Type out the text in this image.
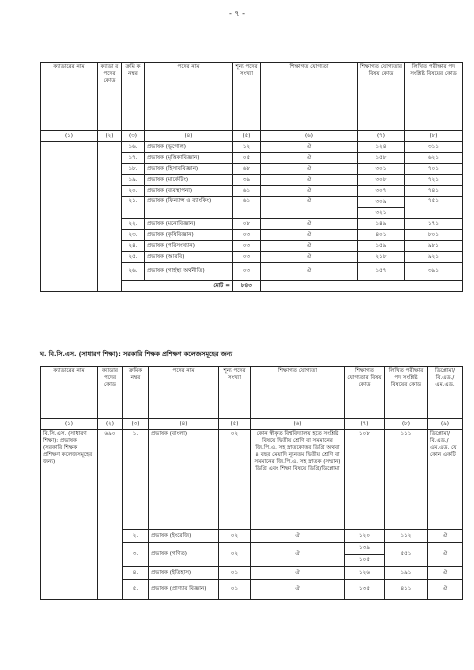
- ৭ -
ক্যাডারের নাম	ক্যাডা র পদের কোড	ক্রমি ক নম্বর	পদের নাম	শূন্য পদের সংখ্যা	শিক্ষাগত যোগ্যতা	শিক্ষাগত যোগ্যতার বিষয় কোড	লিখিত পরীক্ষার পদ সংশ্লিষ্ট বিষয়ের কোড
(১)	(২)	(৩)	(৪)	(৫)	(৬)	(৭)	(৮)
		১৬.	প্রভাষক (ভূগোল)	১২	ঐ	১২৪	৩১১
		১৭.	প্রভাষক (মৃত্তিকাবিজ্ঞান)	০৫	ঐ	১৫৮	৬২১
		১৮.	প্রভাষক (হিসাববিজ্ঞান)	৬৮	ঐ	৩০১	৭০১
		১৯.	প্রভাষক (মার্কেটিং)	৩৯	ঐ	৩০৮	৭২১
		২০.	প্রভাষক (ব্যবস্থাপনা)	৬১	ঐ	৩০৭	৭৪১
		২১.	প্রভাষক (ফিন্যান্স ও ব্যাংকিং)	৬১	ঐ	৩০৯	৭৫১
						৩২১	
		২২.	প্রভাষক (মনোবিজ্ঞান)	০৮	ঐ	১৪৯	১৭১
		২৩.	প্রভাষক (কৃষিবিজ্ঞান)	০৩	ঐ	৪০১	৮০১
		২৪.	প্রভাষক (পরিসংখ্যান)	০৩	ঐ	১৫৯	৯৮১
		২৫.	প্রভাষক (আরবি)	০৩	ঐ	২১৮	৯২১
		২৬.	প্রভাষক (গার্হস্থ্য অর্থনীতি)	০৩	ঐ	১৫৭	৩৯১
		মোট =		৮৪৩			
ঘ. বি.সি.এস. (সাধারণ শিক্ষা): সরকারি শিক্ষক প্রশিক্ষণ কলেজসমূহের জন্য
ক্যাডারের নাম	ক্যাডার পদের কোড	ক্রমিক নম্বর	পদের নাম	শূন্য পদের সংখ্যা	শিক্ষাগত যোগ্যতা	শিক্ষাগত যোগ্যতার বিষয় কোড	লিখিত পরীক্ষার পদ সংশ্লিষ্ট বিষয়ের কোড	ডিপ্লোমা/ বি.এড./ এম.এড.
(১)	(২)	(৩)	(৪)	(৫)	(৬)	(৭)	(৮)	(৯)
বি.সি.এস. (সাধারণ শিক্ষা): প্রভাষক (সরকারি শিক্ষক প্রশিক্ষণ কলেজসমূহের জন্য)	৬৯০	১.	প্রভাষক (বাংলা)	০২	কোন স্বীকৃত বিশ্ববিদ্যালয় হতে সংশ্লিষ্ট বিষয়ে দ্বিতীয় শ্রেণি বা সমমানের জি.পি.এ. সহ স্নাতকোত্তর ডিগ্রি অথবা ৪ বছর মেয়াদি ন্যূনতম দ্বিতীয় শ্রেণি বা সমমানের জি.পি.এ. সহ স্নাতক (সম্মান) ডিগ্রি এবং শিক্ষা বিষয়ে ডিগ্রি/ডিপ্লোমা	১০৮	১১১	ডিপ্লোমা/ বি.এড./ এম.এড. যে কোন একটি
		২.	প্রভাষক (ইংরেজি)	০২	ঐ	১২০	১১২	ঐ
		৩.	প্রভাষক (গণিত)	০২	ঐ	১৩৯	৫৫১	ঐ
						১০৫		
		৪.	প্রভাষক (ইতিহাস)	০১	ঐ	১২৬	১৯১	ঐ
		৫.	প্রভাষক (প্রাণ্যার বিজ্ঞান)	০১	ঐ	১৩৫	৪১১	ঐ
